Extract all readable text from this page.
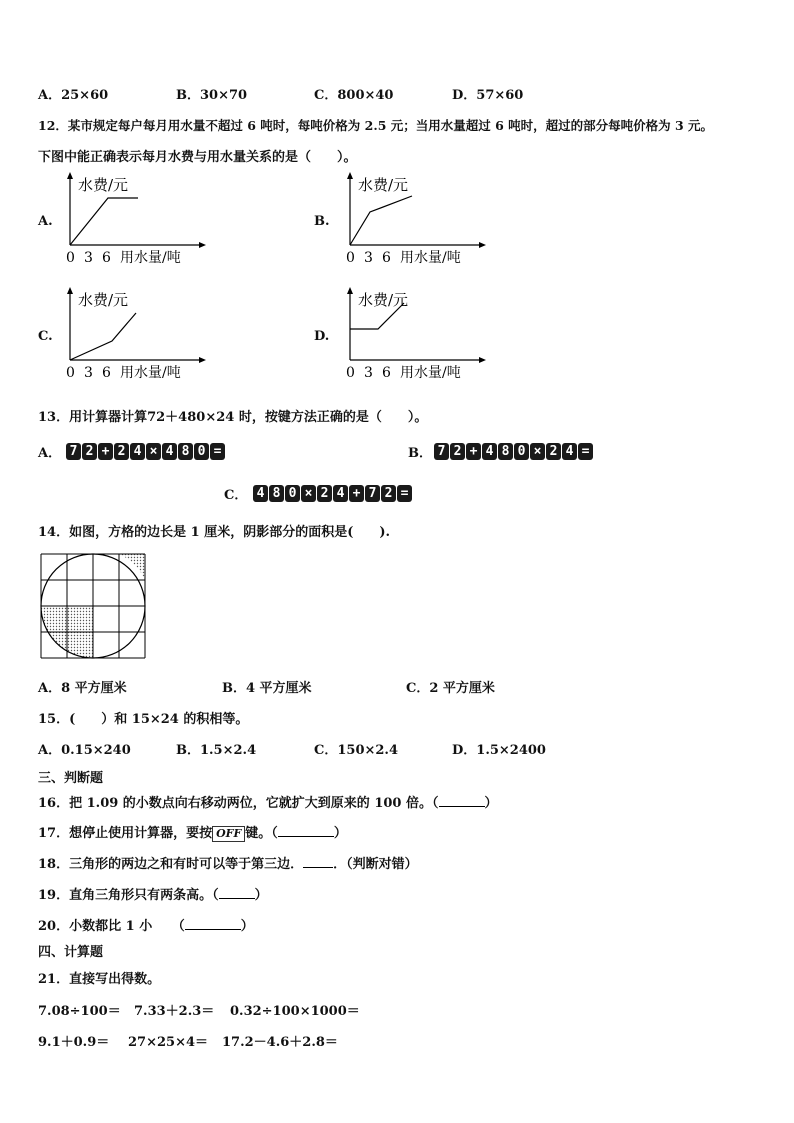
A．25×60	B．30×70	C．800×40	D．57×60
12．某市规定每户每月用水量不超过 6 吨时，每吨价格为 2.5 元；当用水量超过 6 吨时，超过的部分每吨价格为 3 元。
下图中能正确表示每月水费与用水量关系的是（　　）。
A.	B.
C.	D.
水费/元
0 3 6 用水量/吨
水费/元
0 3 6 用水量/吨
水费/元
0 3 6 用水量/吨
水费/元
0 3 6 用水量/吨
13．用计算器计算72＋480×24 时，按键方法正确的是（　　）。
A． 7 2 + 2 4 × 4 8 0 =	B． 7 2 + 4 8 0 × 2 4 =
C． 4 8 0 × 2 4 + 7 2 =
14．如图，方格的边长是 1 厘米，阴影部分的面积是(　　).
A．8 平方厘米	B．4 平方厘米	C．2 平方厘米
15．(　　）和 15×24 的积相等。
A．0.15×240	B．1.5×2.4	C．150×2.4	D．1.5×2400
三、判断题
16．把 1.09 的小数点向右移动两位，它就扩大到原来的 100 倍。（	）
17．想停止使用计算器，要按 OFF 键。（	）
18．三角形的两边之和有时可以等于第三边． ．（判断对错）
19．直角三角形只有两条高。（	）
20．小数都比 1 小　　（	）
四、计算题
21．直接写出得数。
7.08÷100＝ 7.33＋2.3＝ 0.32÷100×1000＝
9.1＋0.9＝ 27×25×4＝ 17.2－4.6＋2.8＝
